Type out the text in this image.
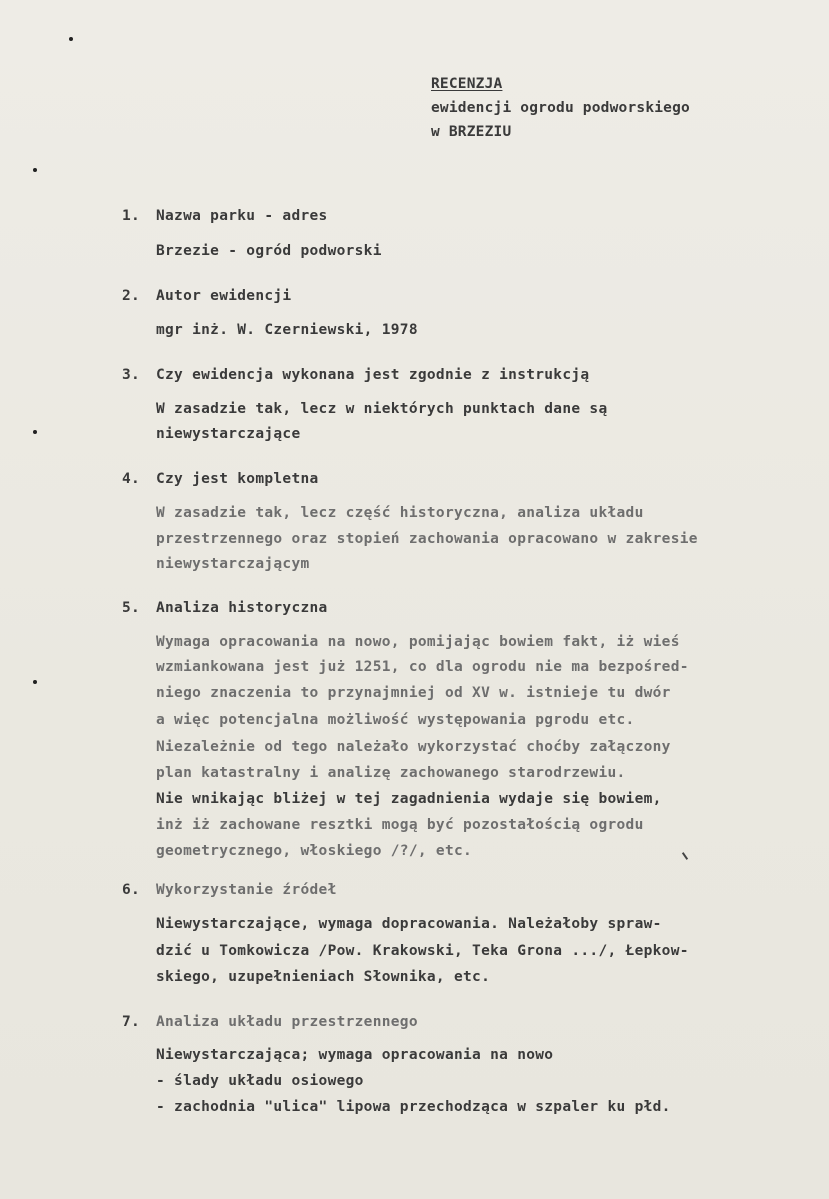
RECENZJA
ewidencji ogrodu podworskiego
w BRZEZIU
1. Nazwa parku - adres
Brzezie - ogród podworski
2. Autor ewidencji
mgr inż. W. Czerniewski, 1978
3. Czy ewidencja wykonana jest zgodnie z instrukcją
W zasadzie tak, lecz w niektórych punktach dane są
niewystarczające
4. Czy jest kompletna
W zasadzie tak, lecz część historyczna, analiza układu
przestrzennego oraz stopień zachowania opracowano w zakresie
niewystarczającym
5. Analiza historyczna
Wymaga opracowania na nowo, pomijając bowiem fakt, iż wieś
wzmiankowana jest już 1251, co dla ogrodu nie ma bezpośred-
niego znaczenia to przynajmniej od XV w. istnieje tu dwór
a więc potencjalna możliwość występowania pgrodu etc.
Niezależnie od tego należało wykorzystać choćby załączony
plan katastralny i analizę zachowanego starodrzewiu.
Nie wnikając bliżej w tej zagadnienia wydaje się bowiem,
inż iż zachowane resztki mogą być pozostałością ogrodu
geometrycznego, włoskiego /?/, etc.
6. Wykorzystanie źródeł
Niewystarczające, wymaga dopracowania. Należałoby spraw-
dzić u Tomkowicza /Pow. Krakowski, Teka Grona .../, Łepkow-
skiego, uzupełnieniach Słownika, etc.
7. Analiza układu przestrzennego
Niewystarczająca; wymaga opracowania na nowo
- ślady układu osiowego
- zachodnia "ulica" lipowa przechodząca w szpaler ku płd.
